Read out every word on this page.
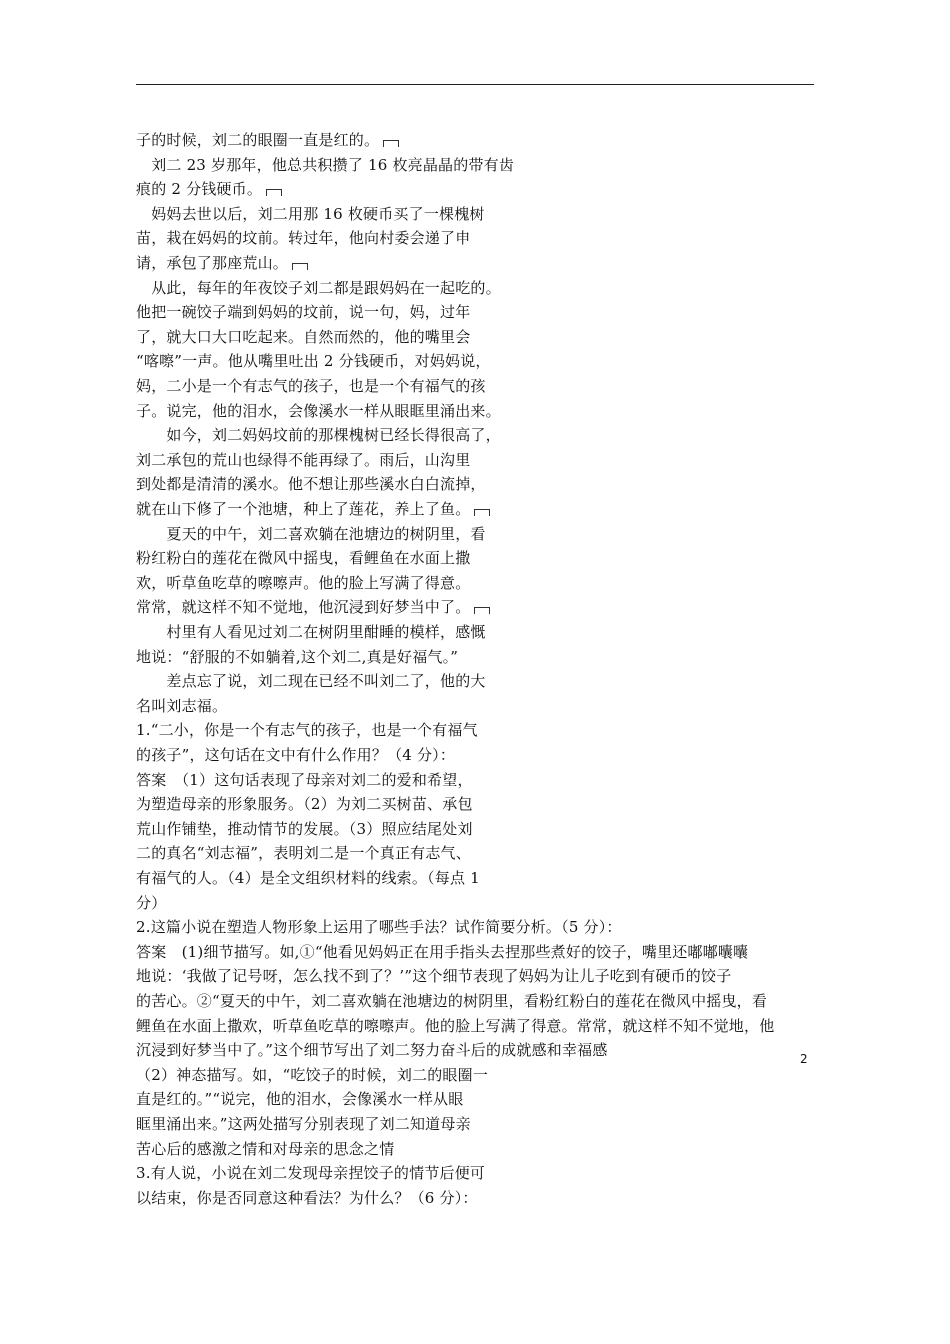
子的时候，刘二的眼圈一直是红的。
　刘二 23 岁那年，他总共积攒了 16 枚亮晶晶的带有齿
痕的 2 分钱硬币。
　妈妈去世以后，刘二用那 16 枚硬币买了一棵槐树
苗，栽在妈妈的坟前。转过年，他向村委会递了申
请，承包了那座荒山。
　从此，每年的年夜饺子刘二都是跟妈妈在一起吃的。
他把一碗饺子端到妈妈的坟前，说一句，妈，过年
了，就大口大口吃起来。自然而然的，他的嘴里会
“喀嚓”一声。他从嘴里吐出 2 分钱硬币，对妈妈说，
妈，二小是一个有志气的孩子，也是一个有福气的孩
子。说完，他的泪水，会像溪水一样从眼眶里涌出来。
　　如今，刘二妈妈坟前的那棵槐树已经长得很高了，
刘二承包的荒山也绿得不能再绿了。雨后，山沟里
到处都是清清的溪水。他不想让那些溪水白白流掉，
就在山下修了一个池塘，种上了莲花，养上了鱼。
　　夏天的中午，刘二喜欢躺在池塘边的树阴里，看
粉红粉白的莲花在微风中摇曳，看鲤鱼在水面上撒
欢，听草鱼吃草的嚓嚓声。他的脸上写满了得意。
常常，就这样不知不觉地，他沉浸到好梦当中了。
　　村里有人看见过刘二在树阴里酣睡的模样，感慨
地说：“舒服的不如躺着,这个刘二,真是好福气。”
　　差点忘了说，刘二现在已经不叫刘二了，他的大
名叫刘志福。
1.“二小，你是一个有志气的孩子，也是一个有福气
的孩子”，这句话在文中有什么作用？（4 分）：
答案　（1）这句话表现了母亲对刘二的爱和希望，
为塑造母亲的形象服务。（2）为刘二买树苗、承包
荒山作铺垫，推动情节的发展。（3）照应结尾处刘
二的真名“刘志福”，表明刘二是一个真正有志气、
有福气的人。（4）是全文组织材料的线索。（每点 1
分）
2.这篇小说在塑造人物形象上运用了哪些手法？试作简要分析。（5 分）：
答案　(1)细节描写。如,①“他看见妈妈正在用手指头去捏那些煮好的饺子，嘴里还嘟嘟囔囔
地说：‘我做了记号呀，怎么找不到了？’”这个细节表现了妈妈为让儿子吃到有硬币的饺子
的苦心。②“夏天的中午，刘二喜欢躺在池塘边的树阴里，看粉红粉白的莲花在微风中摇曳，看
鲤鱼在水面上撒欢，听草鱼吃草的嚓嚓声。他的脸上写满了得意。常常，就这样不知不觉地，他
沉浸到好梦当中了。”这个细节写出了刘二努力奋斗后的成就感和幸福感
（2）神态描写。如，“吃饺子的时候，刘二的眼圈一
直是红的。”“说完，他的泪水，会像溪水一样从眼
眶里涌出来。”这两处描写分别表现了刘二知道母亲
苦心后的感激之情和对母亲的思念之情
3.有人说，小说在刘二发现母亲捏饺子的情节后便可
以结束，你是否同意这种看法？为什么？（6 分）：
2
